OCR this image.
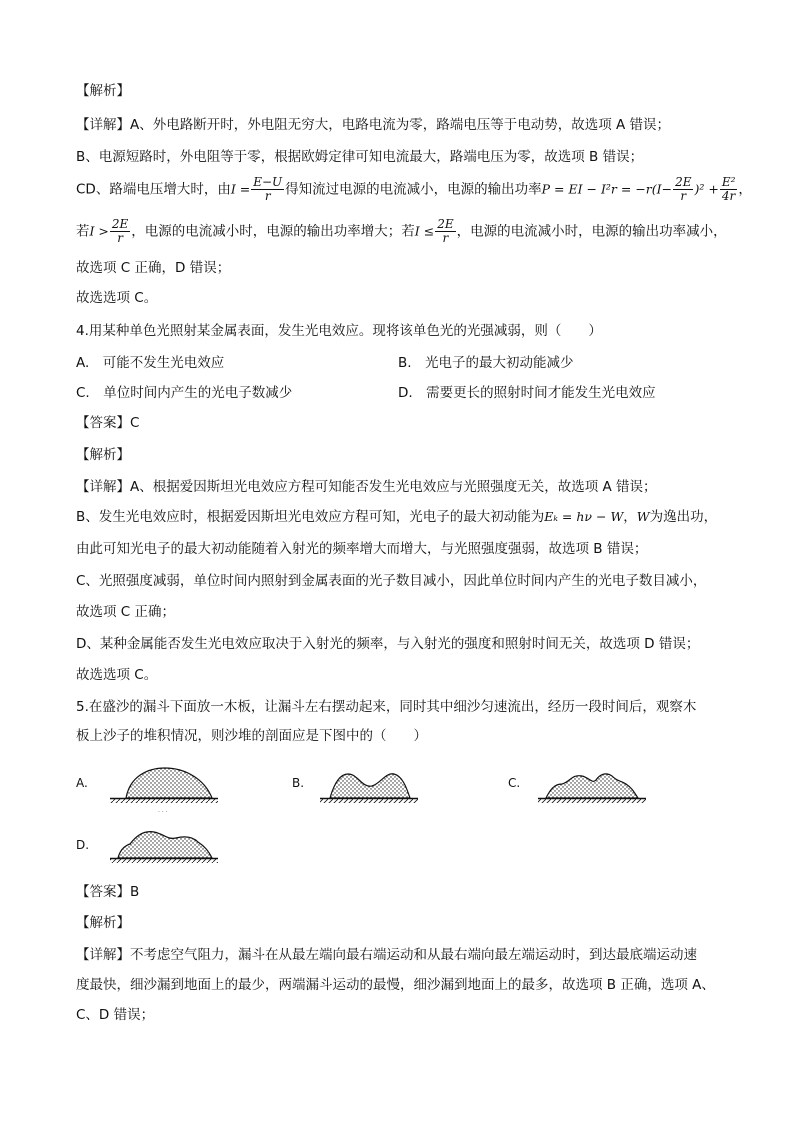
【解析】
【详解】A、外电路断开时，外电阻无穷大，电路电流为零，路端电压等于电动势，故选项 A 错误；
B、电源短路时，外电阻等于零，根据欧姆定律可知电流最大，路端电压为零，故选项 B 错误；
CD、路端电压增大时，由$I = \frac{E-U}{r}$ 得知流过电源的电流减小，电源的输出功率P = EI − $I^2r = -r(I- \frac{2E}{r} )^2 + \frac{\text{E²}}{4r}$ ，
若$I > \frac{2E}{r}$ ，电源的电流减小时，电源的输出功率增大；若$I \le \frac{2E}{r}$ ，电源的电流减小时，电源的输出功率减小，
故选项 C 正确，D 错误；
故选选项 C。
4.用某种单色光照射某金属表面，发生光电效应。现将该单色光的光强减弱，则（　　）
A.　可能不发生光电效应	B.　光电子的最大初动能减少
C.　单位时间内产生的光电子数减少	D.　需要更长的照射时间才能发生光电效应
【答案】C
【解析】
【详解】A、根据爱因斯坦光电效应方程可知能否发生光电效应与光照强度无关，故选项 A 错误；
B、发生光电效应时，根据爱因斯坦光电效应方程可知，光电子的最大初动能为Eₖ = hν − W，W为逸出功，
由此可知光电子的最大初动能随着入射光的频率增大而增大，与光照强度强弱，故选项 B 错误；
C、光照强度减弱，单位时间内照射到金属表面的光子数目减小，因此单位时间内产生的光电子数目减小，
故选项 C 正确；
D、某种金属能否发生光电效应取决于入射光的频率，与入射光的强度和照射时间无关，故选项 D 错误；
故选选项 C。
5.在盛沙的漏斗下面放一木板，让漏斗左右摆动起来，同时其中细沙匀速流出，经历一段时间后，观察木
板上沙子的堆积情况，则沙堆的剖面应是下图中的（　　）
A.
· · ·
B.	C.
D.
【答案】B
【解析】
【详解】不考虑空气阻力，漏斗在从最左端向最右端运动和从最右端向最左端运动时，到达最底端运动速
度最快，细沙漏到地面上的最少，两端漏斗运动的最慢，细沙漏到地面上的最多，故选项 B 正确，选项 A、
C、D 错误；
